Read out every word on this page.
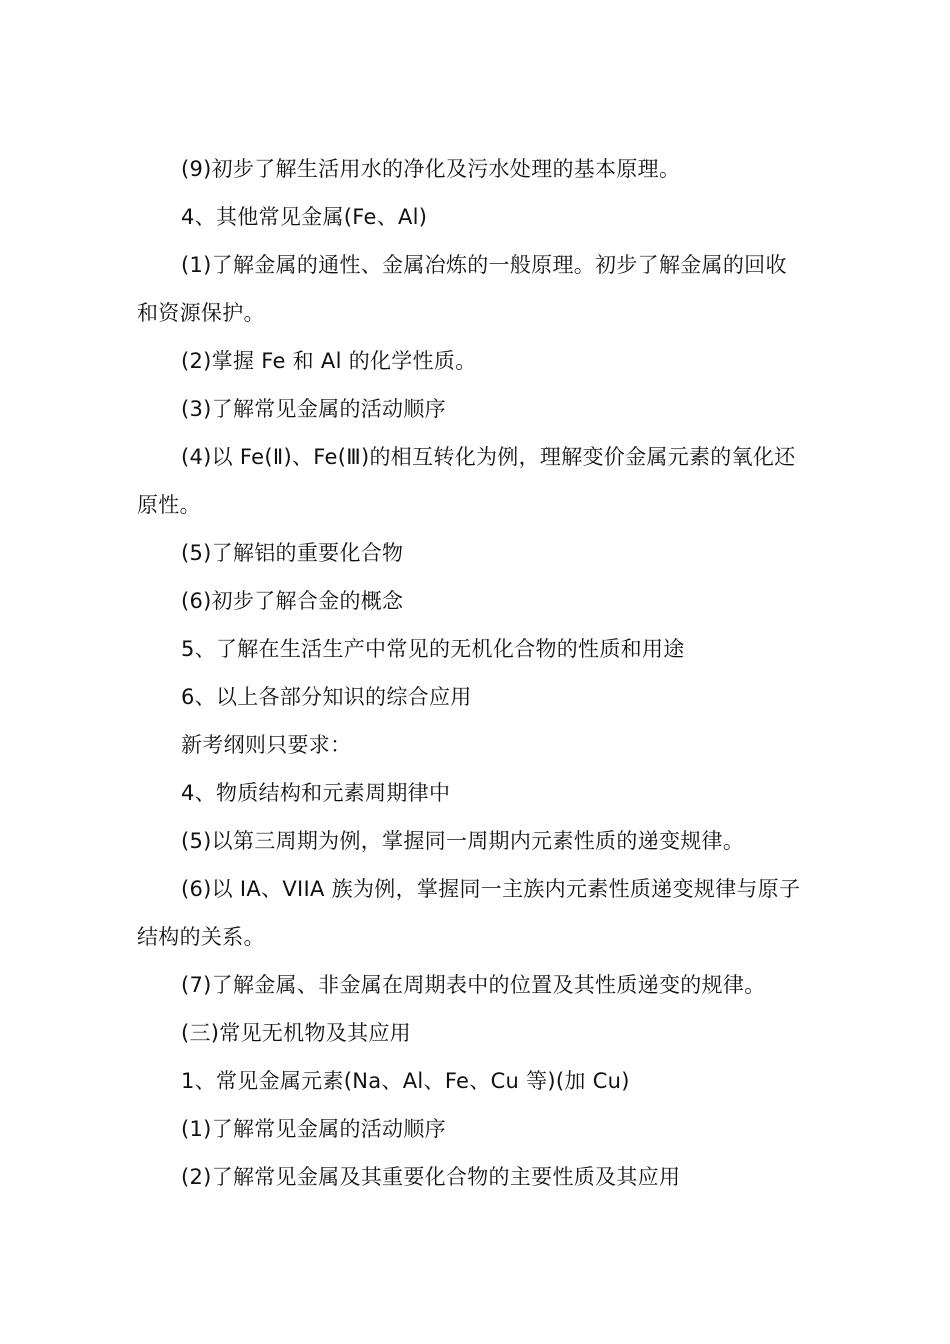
(9)初步了解生活用水的净化及污水处理的基本原理。
4、其他常见金属(Fe、Al)
(1)了解金属的通性、金属冶炼的一般原理。初步了解金属的回收
和资源保护。
(2)掌握 Fe 和 Al 的化学性质。
(3)了解常见金属的活动顺序
(4)以 Fe(Ⅱ)、Fe(Ⅲ)的相互转化为例，理解变价金属元素的氧化还
原性。
(5)了解铝的重要化合物
(6)初步了解合金的概念
5、了解在生活生产中常见的无机化合物的性质和用途
6、以上各部分知识的综合应用
新考纲则只要求：
4、物质结构和元素周期律中
(5)以第三周期为例，掌握同一周期内元素性质的递变规律。
(6)以 IA、VIIA 族为例，掌握同一主族内元素性质递变规律与原子
结构的关系。
(7)了解金属、非金属在周期表中的位置及其性质递变的规律。
(三)常见无机物及其应用
1、常见金属元素(Na、Al、Fe、Cu 等)(加 Cu)
(1)了解常见金属的活动顺序
(2)了解常见金属及其重要化合物的主要性质及其应用
